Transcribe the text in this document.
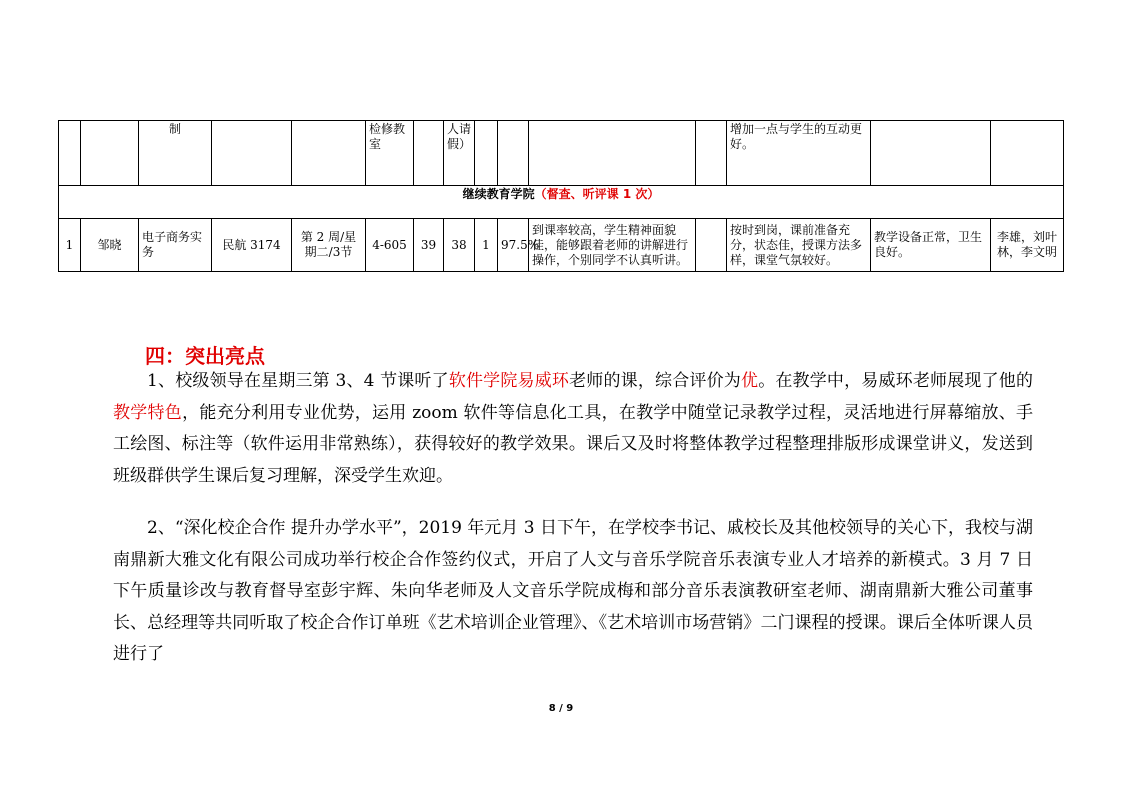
		制			检修教室		人请假）					增加一点与学生的互动更好。		
继续教育学院（督查、听评课 1 次）														
1	邹晓	电子商务实务	民航 3174	第 2 周/星期二/3节	4-605	39	38	1	97.5%	到课率较高，学生精神面貌佳，能够跟着老师的讲解进行操作，个别同学不认真听讲。		按时到岗，课前准备充分，状态佳，授课方法多样，课堂气氛较好。	教学设备正常，卫生良好。	李雄，刘叶林，李文明
四：突出亮点
1、校级领导在星期三第 3、4 节课听了软件学院易威环老师的课，综合评价为优。在教学中，易威环老师展现了他的教学特色，能充分利用专业优势，运用 zoom 软件等信息化工具，在教学中随堂记录教学过程，灵活地进行屏幕缩放、手工绘图、标注等（软件运用非常熟练），获得较好的教学效果。课后又及时将整体教学过程整理排版形成课堂讲义，发送到班级群供学生课后复习理解，深受学生欢迎。
2、“深化校企合作 提升办学水平”，2019 年元月 3 日下午，在学校李书记、戚校长及其他校领导的关心下，我校与湖南鼎新大雅文化有限公司成功举行校企合作签约仪式，开启了人文与音乐学院音乐表演专业人才培养的新模式。3 月 7 日下午质量诊改与教育督导室彭宇辉、朱向华老师及人文音乐学院成梅和部分音乐表演教研室老师、湖南鼎新大雅公司董事长、总经理等共同听取了校企合作订单班《艺术培训企业管理》、《艺术培训市场营销》二门课程的授课。课后全体听课人员进行了
8 / 9
